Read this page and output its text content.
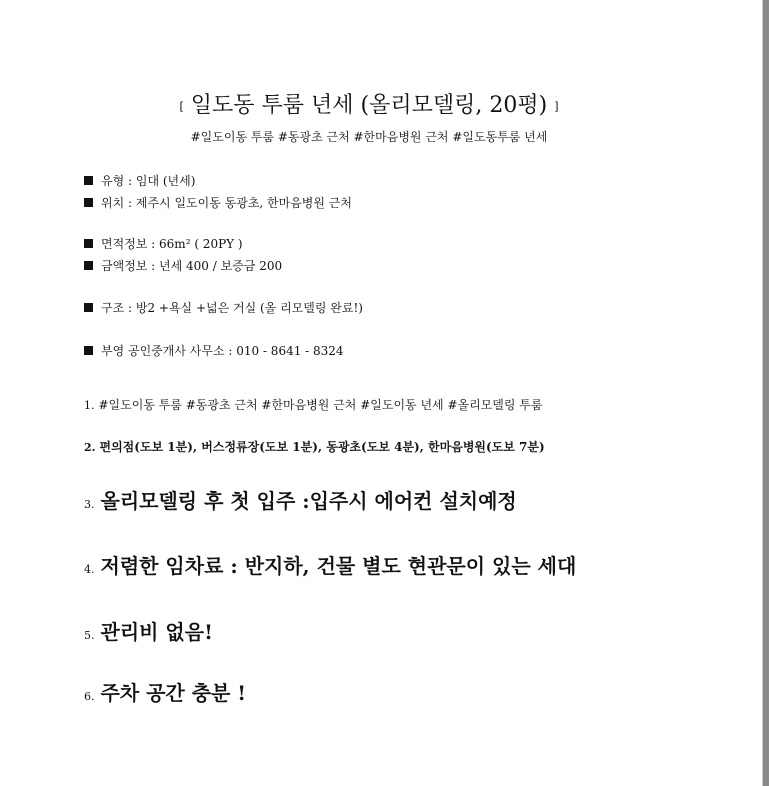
[ 일도동 투룸 년세 (올리모델링, 20평) ]
#일도이동 투룸 #동광초 근처 #한마음병원 근처 #일도동투룸 년세
유형 : 임대 (년세)
위치 : 제주시 일도이동 동광초, 한마음병원 근처
면적정보 : 66m² ( 20PY )
금액정보 : 년세 400 / 보증금 200
구조 : 방2 +욕실 +넓은 거실 (올 리모델링 완료!)
부영 공인중개사 사무소 : 010 - 8641 - 8324
1. #일도이동 투룸 #동광초 근처 #한마음병원 근처 #일도이동 년세 #올리모델링 투룸
2. 편의점(도보 1분), 버스정류장(도보 1분), 동광초(도보 4분), 한마음병원(도보 7분)
3. 올리모델링 후 첫 입주 :입주시 에어컨 설치예정
4. 저렴한 임차료 : 반지하, 건물 별도 현관문이 있는 세대
5. 관리비 없음!
6. 주차 공간 충분 !
